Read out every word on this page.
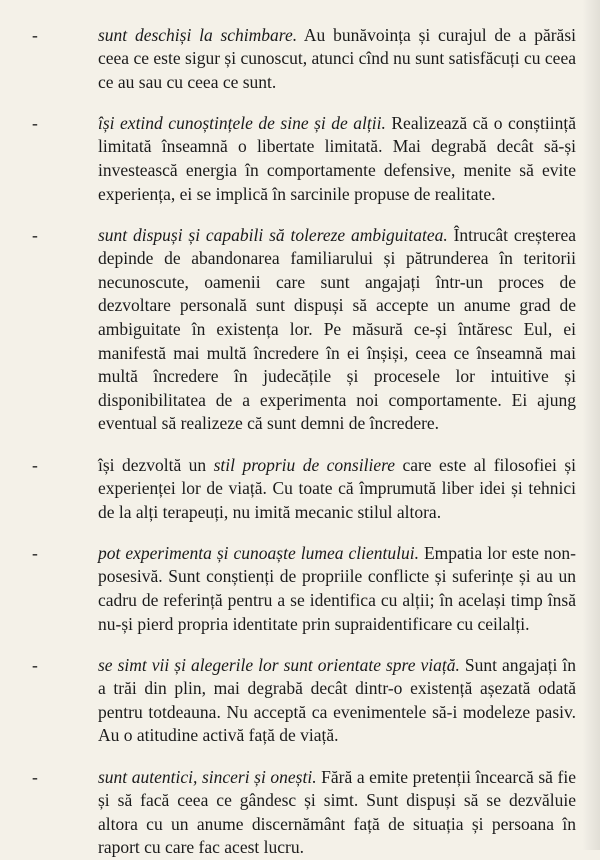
-	sunt deschiși la schimbare. Au bunăvoința și curajul de a părăsi ceea ce este sigur și cunoscut, atunci cînd nu sunt satisfăcuți cu ceea ce au sau cu ceea ce sunt.

-	își extind cunoștințele de sine și de alții. Realizează că o conștiință limitată înseamnă o libertate limitată. Mai degrabă decât să-și investească energia în comportamente defensive, menite să evite experiența, ei se implică în sarcinile propuse de realitate.

-	sunt dispuși și capabili să tolereze ambiguitatea. Întrucât creșterea depinde de abandonarea familiarului și pătrunderea în teritorii necunoscute, oamenii care sunt angajați într-un proces de dezvoltare personală sunt dispuși să accepte un anume grad de ambiguitate în existența lor. Pe măsură ce-și întăresc Eul, ei manifestă mai multă încredere în ei înșiși, ceea ce înseamnă mai multă încredere în judecățile și procesele lor intuitive și disponibilitatea de a experimenta noi comportamente. Ei ajung eventual să realizeze că sunt demni de încredere.

-	își dezvoltă un stil propriu de consiliere care este al filosofiei și experienței lor de viață. Cu toate că împrumută liber idei și tehnici de la alți terapeuți, nu imită mecanic stilul altora.

-	pot experimenta și cunoaște lumea clientului. Empatia lor este non-posesivă. Sunt conștienți de propriile conflicte și suferințe și au un cadru de referință pentru a se identifica cu alții; în același timp însă nu-și pierd propria identitate prin supraidentificare cu ceilalți.

-	se simt vii și alegerile lor sunt orientate spre viață. Sunt angajați în a trăi din plin, mai degrabă decât dintr-o existență așezată odată pentru totdeauna. Nu acceptă ca evenimentele să-i modeleze pasiv. Au o atitudine activă față de viață.

-	sunt autentici, sinceri și onești. Fără a emite pretenții încearcă să fie și să facă ceea ce gândesc și simt. Sunt dispuși să se dezvăluie altora cu un anume discernământ față de situația și persoana în raport cu care fac acest lucru.
